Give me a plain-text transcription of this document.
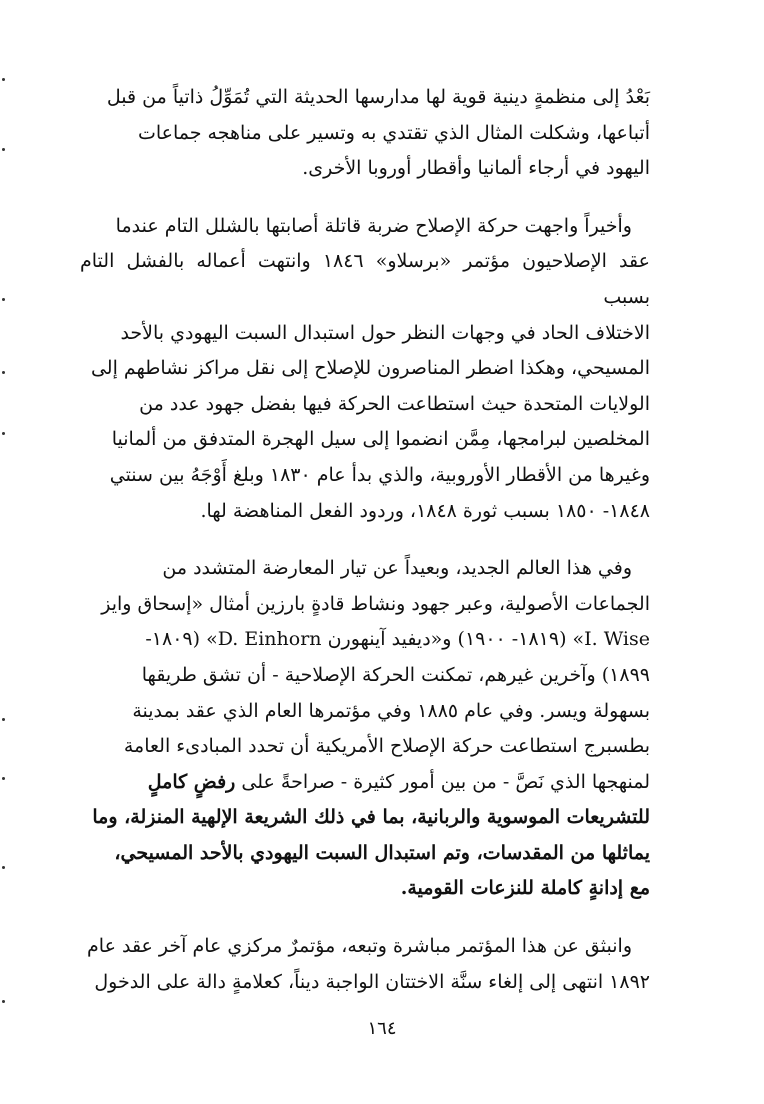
بَعْدُ إلى منظمةٍ دينية قوية لها مدارسها الحديثة التي تُمَوِّلُ ذاتياً من قبل
أتباعها، وشكلت المثال الذي تقتدي به وتسير على مناهجه جماعات
اليهود في أرجاء ألمانيا وأقطار أوروبا الأخرى.

وأخيراً واجهت حركة الإصلاح ضربة قاتلة أصابتها بالشلل التام عندما
عقد الإصلاحيون مؤتمر «برسلاو» ١٨٤٦ وانتهت أعماله بالفشل التام بسبب
الاختلاف الحاد في وجهات النظر حول استبدال السبت اليهودي بالأحد
المسيحي، وهكذا اضطر المناصرون للإصلاح إلى نقل مراكز نشاطهم إلى
الولايات المتحدة حيث استطاعت الحركة فيها بفضل جهود عدد من
المخلصين لبرامجها، مِمَّن انضموا إلى سيل الهجرة المتدفق من ألمانيا
وغيرها من الأقطار الأوروبية، والذي بدأ عام ١٨٣٠ وبلغ أَوْجَهُ بين سنتي
١٨٤٨- ١٨٥٠ بسبب ثورة ١٨٤٨، وردود الفعل المناهضة لها.

وفي هذا العالم الجديد، وبعيداً عن تيار المعارضة المتشدد من
الجماعات الأصولية، وعبر جهود ونشاط قادةٍ بارزين أمثال «إسحاق وايز
I. Wise» (١٨١٩- ١٩٠٠) و«ديفيد آينهورن D. Einhorn» (١٨٠٩-
١٨٩٩) وآخرين غيرهم، تمكنت الحركة الإصلاحية - أن تشق طريقها
بسهولة ويسر. وفي عام ١٨٨٥ وفي مؤتمرها العام الذي عقد بمدينة
بطسبرج استطاعت حركة الإصلاح الأمريكية أن تحدد المبادىء العامة
لمنهجها الذي نَصَّ - من بين أمور كثيرة - صراحةً على رفضٍ كاملٍ
للتشريعات الموسوية والربانية، بما في ذلك الشريعة الإلهية المنزلة، وما
يماثلها من المقدسات، وتم استبدال السبت اليهودي بالأحد المسيحي،
مع إدانةٍ كاملة للنزعات القومية.

وانبثق عن هذا المؤتمر مباشرة وتبعه، مؤتمرٌ مركزي عام آخر عقد عام
١٨٩٢ انتهى إلى إلغاء سنَّة الاختتان الواجبة ديناً، كعلامةٍ دالة على الدخول

١٦٤
